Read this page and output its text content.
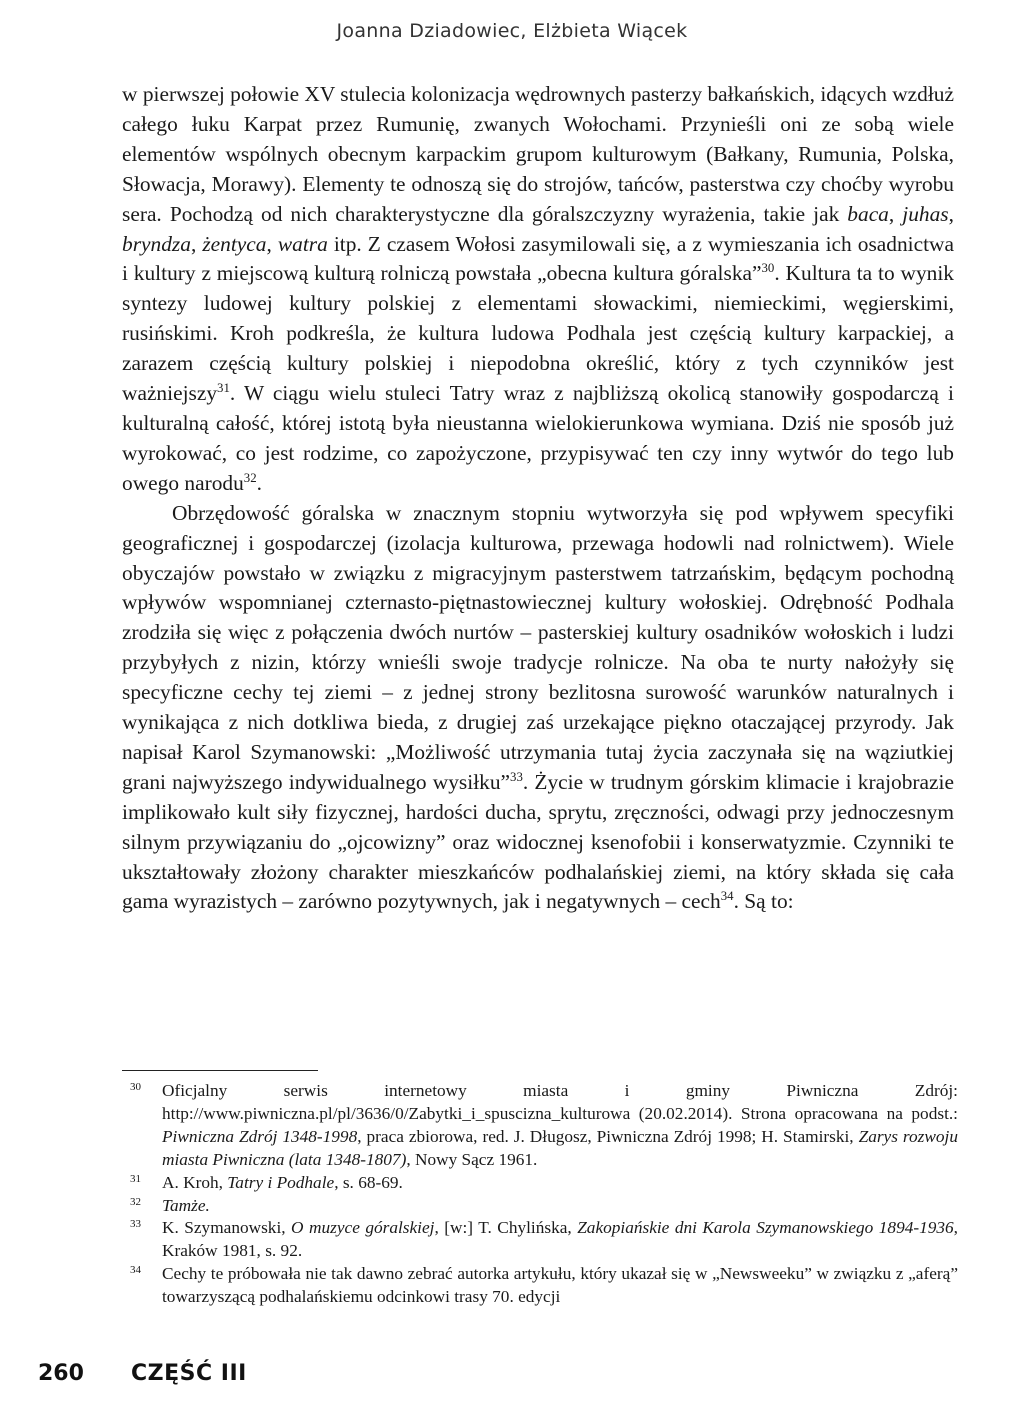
Joanna Dziadowiec, Elżbieta Wiącek

w pierwszej połowie XV stulecia kolonizacja wędrownych pasterzy bałkańskich, idących wzdłuż całego łuku Karpat przez Rumunię, zwanych Wołochami. Przynieśli oni ze sobą wiele elementów wspólnych obecnym karpackim grupom kulturowym (Bałkany, Rumunia, Polska, Słowacja, Morawy). Elementy te odnoszą się do strojów, tańców, pasterstwa czy choćby wyrobu sera. Pochodzą od nich charakterystyczne dla góralszczyzny wyrażenia, takie jak baca, juhas, bryndza, żentyca, watra itp. Z czasem Wołosi zasymilowali się, a z wymieszania ich osadnictwa i kultury z miejscową kulturą rolniczą powstała „obecna kultura góralska”$^{30}$. Kultura ta to wynik syntezy ludowej kultury polskiej z elementami słowackimi, niemieckimi, węgierskimi, rusińskimi. Kroh podkreśla, że kultura ludowa Podhala jest częścią kultury karpackiej, a zarazem częścią kultury polskiej i niepodobna określić, który z tych czynników jest ważniejszy$^{31}$. W ciągu wielu stuleci Tatry wraz z najbliższą okolicą stanowiły gospodarczą i kulturalną całość, której istotą była nieustanna wielokierunkowa wymiana. Dziś nie sposób już wyrokować, co jest rodzime, co zapożyczone, przypisywać ten czy inny wytwór do tego lub owego narodu$^{32}$.

Obrzędowość góralska w znacznym stopniu wytworzyła się pod wpływem specyfiki geograficznej i gospodarczej (izolacja kulturowa, przewaga hodowli nad rolnictwem). Wiele obyczajów powstało w związku z migracyjnym pasterstwem tatrzańskim, będącym pochodną wpływów wspomnianej czternasto-piętnastowiecznej kultury wołoskiej. Odrębność Podhala zrodziła się więc z połączenia dwóch nurtów – pasterskiej kultury osadników wołoskich i ludzi przybyłych z nizin, którzy wnieśli swoje tradycje rolnicze. Na oba te nurty nałożyły się specyficzne cechy tej ziemi – z jednej strony bezlitosna surowość warunków naturalnych i wynikająca z nich dotkliwa bieda, z drugiej zaś urzekające piękno otaczającej przyrody. Jak napisał Karol Szymanowski: „Możliwość utrzymania tutaj życia zaczynała się na wąziutkiej grani najwyższego indywidualnego wysiłku”$^{33}$. Życie w trudnym górskim klimacie i krajobrazie implikowało kult siły fizycznej, hardości ducha, sprytu, zręczności, odwagi przy jednoczesnym silnym przywiązaniu do „ojcowizny” oraz widocznej ksenofobii i konserwatyzmie. Czynniki te ukształtowały złożony charakter mieszkańców podhalańskiej ziemi, na który składa się cała gama wyrazistych – zarówno pozytywnych, jak i negatywnych – cech$^{34}$. Są to:

30 Oficjalny serwis internetowy miasta i gminy Piwniczna Zdrój: http://www.piwniczna.pl/pl/3636/0/Zabytki_i_spuscizna_kulturowa (20.02.2014). Strona opracowana na podst.: Piwniczna Zdrój 1348-1998, praca zbiorowa, red. J. Długosz, Piwniczna Zdrój 1998; H. Stamirski, Zarys rozwoju miasta Piwniczna (lata 1348-1807), Nowy Sącz 1961.
31 A. Kroh, Tatry i Podhale, s. 68-69.
32 Tamże.
33 K. Szymanowski, O muzyce góralskiej, [w:] T. Chylińska, Zakopiańskie dni Karola Szymanowskiego 1894-1936, Kraków 1981, s. 92.
34 Cechy te próbowała nie tak dawno zebrać autorka artykułu, który ukazał się w „Newsweeku” w związku z „aferą” towarzyszącą podhalańskiemu odcinkowi trasy 70. edycji
260 CZĘŚĆ III
